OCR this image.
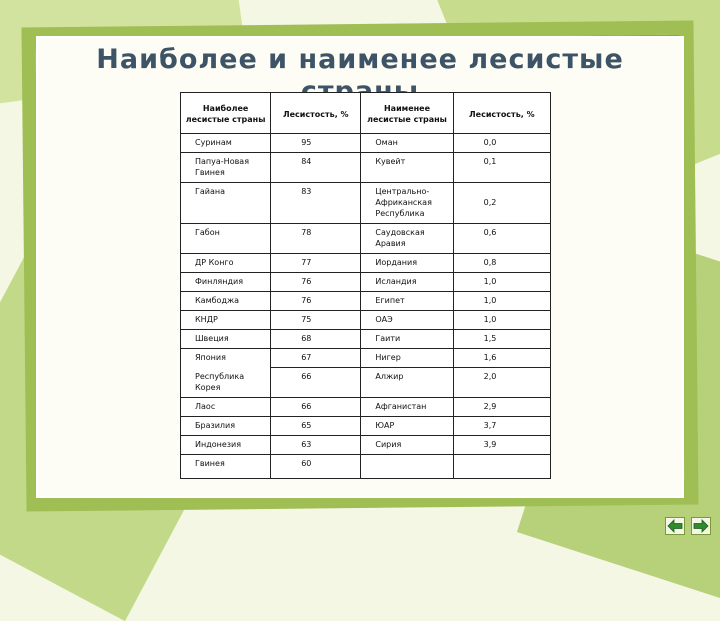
Наиболее и наименее лесистые
Наиболее лесистые страны	Лесистость, %	Наименее лесистые страны	Лесистость, %
Суринам	95	Оман	0,0
Папуа-Новая Гвинея	84	Кувейт	0,1
Гайана	83	Центрально-Африканская Республика	0,2
Габон	78	Саудовская Аравия	0,6
ДР Конго	77	Иордания	0,8
Финляндия	76	Исландия	1,0
Камбоджа	76	Египет	1,0
КНДР	75	ОАЭ	1,0
Швеция	68	Гаити	1,5
Япония	67	Нигер	1,6
Республика Корея	66	Алжир	2,0
Лаос	66	Афганистан	2,9
Бразилия	65	ЮАР	3,7
Индонезия	63	Сирия	3,9
Гвинея	60		
